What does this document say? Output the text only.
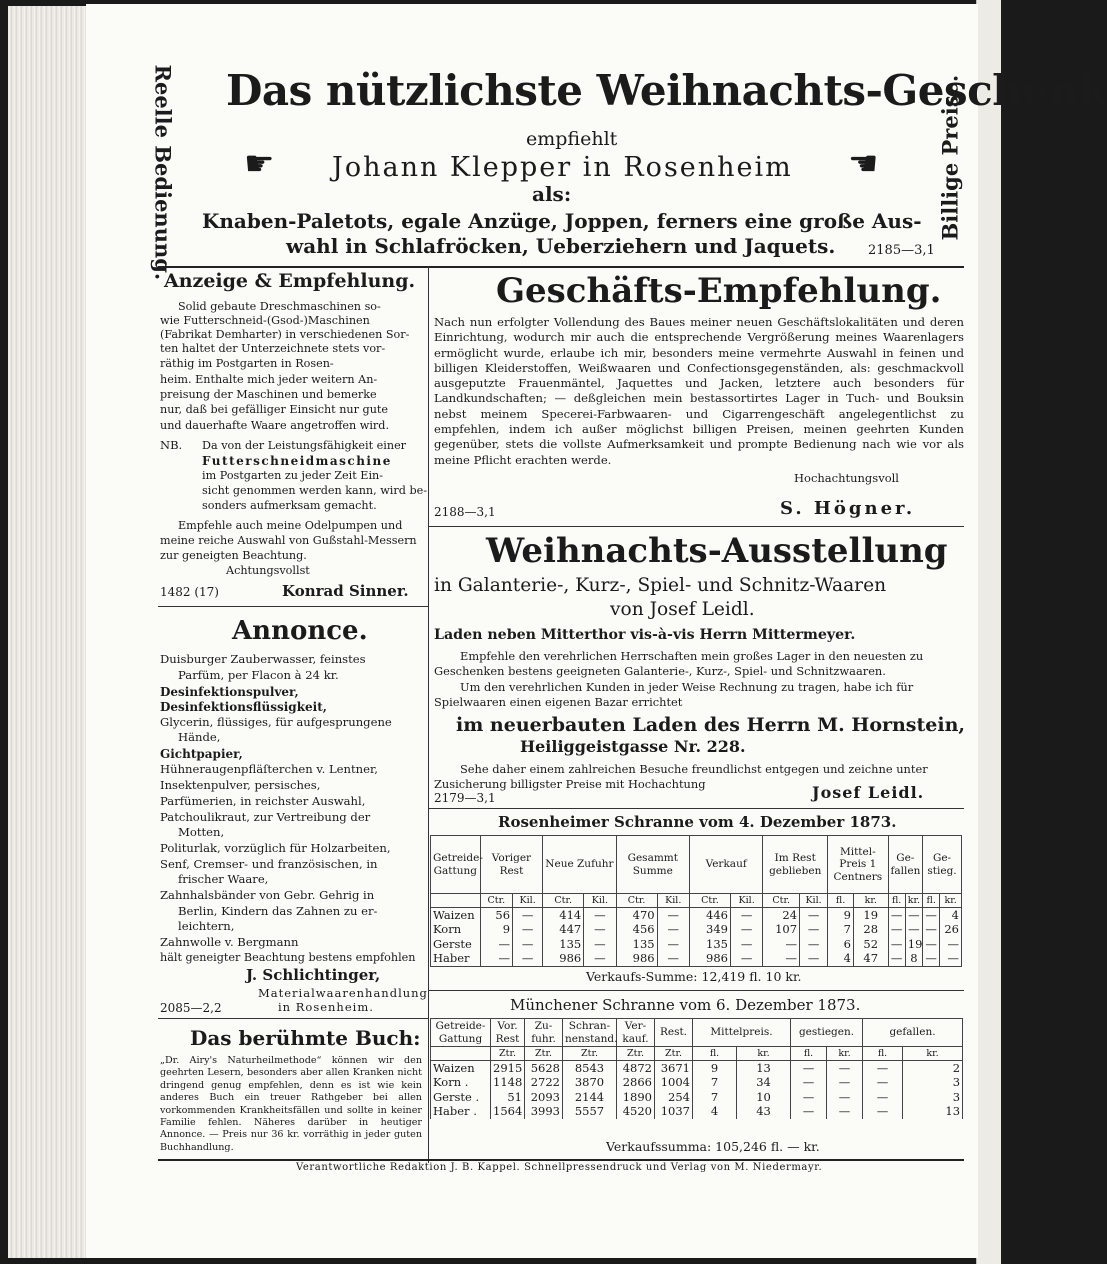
Das nützlichste Weihnachts-Geschenk
empfiehlt
☛ Johann Klepper in Rosenheim ☛
als:
Knaben-Paletots, egale Anzüge, Joppen, ferners eine große Aus-
wahl in Schlafröcken, Ueberziehern und Jaquets.	2185—3,1
Reelle Bedienung.	Billige Preise.
Anzeige & Empfehlung.
Solid gebaute Dreschmaschinen so-
wie Futterschneid-(Gsod-)Maschinen
(Fabrikat Demharter) in verschiedenen Sor-
ten haltet der Unterzeichnete stets vor-
räthig im Postgarten in Rosen-
heim. Enthalte mich jeder weitern An-
preisung der Maschinen und bemerke
nur, daß bei gefälliger Einsicht nur gute
und dauerhafte Waare angetroffen wird.
NB. Da von der Leistungsfähigkeit einer
Futterschneidmaschine
im Postgarten zu jeder Zeit Ein-
sicht genommen werden kann, wird be-
sonders aufmerksam gemacht.
Empfehle auch meine Odelpumpen und
meine reiche Auswahl von Gußstahl-Messern
zur geneigten Beachtung.
Achtungsvollst
1482 (17)	Konrad Sinner.
Annonce.
Duisburger Zauberwasser, feinstes
Parfüm, per Flacon à 24 kr.
Desinfektionspulver,
Desinfektionsflüssigkeit,
Glycerin, flüssiges, für aufgesprungene
Hände,
Gichtpapier,
Hühneraugenpfläſterchen v. Lentner,
Insektenpulver, persisches,
Parfümerien, in reichster Auswahl,
Patchoulikraut, zur Vertreibung der
Motten,
Politurlak, vorzüglich für Holzarbeiten,
Senf, Cremser- und französischen, in
frischer Waare,
Zahnhalsbänder von Gebr. Gehrig in
Berlin, Kindern das Zahnen zu er-
leichtern,
Zahnwolle v. Bergmann
hält geneigter Beachtung bestens empfohlen
J. Schlichtinger,
Materialwaarenhandlung
2085—2,2	in Rosenheim.
Das berühmte Buch:
„Dr. Airy's Naturheilmethode“ können wir den geehrten Lesern, besonders aber allen Kranken nicht dringend genug empfehlen, denn es ist wie kein anderes Buch ein treuer Rathgeber bei allen vorkommenden Krankheitsfällen und sollte in keiner Familie fehlen. Näheres darüber in heutiger Annonce. — Preis nur 36 kr. vorräthig in jeder guten Buchhandlung.
Geschäfts-Empfehlung.
Nach nun erfolgter Vollendung des Baues meiner neuen Geschäftslokalitäten und deren Einrichtung, wodurch mir auch die entsprechende Vergrößerung meines Waarenlagers ermöglicht wurde, erlaube ich mir, besonders meine vermehrte Auswahl in feinen und billigen Kleiderstoffen, Weißwaaren und Confectionsgegenständen, als: geschmackvoll ausgeputzte Frauenmäntel, Jaquettes und Jacken, letztere auch besonders für Landkundschaften; — deßgleichen mein bestassortirtes Lager in Tuch- und Bouksin nebst meinem Specerei-Farbwaaren- und Cigarrengeschäft angelegentlichst zu empfehlen, indem ich außer möglichst billigen Preisen, meinen geehrten Kunden gegenüber, stets die vollste Aufmerksamkeit und prompte Bedienung nach wie vor als meine Pflicht erachten werde.
Hochachtungsvoll
2188—3,1	S. Högner.
Weihnachts-Ausstellung
in Galanterie-, Kurz-, Spiel- und Schnitz-Waaren
von Josef Leidl.
Laden neben Mitterthor vis-à-vis Herrn Mittermeyer.
Empfehle den verehrlichen Herrschaften mein großes Lager in den neuesten zu Geschenken bestens geeigneten Galanterie-, Kurz-, Spiel- und Schnitzwaaren.
Um den verehrlichen Kunden in jeder Weise Rechnung zu tragen, habe ich für Spielwaaren einen eigenen Bazar errichtet
im neuerbauten Laden des Herrn M. Hornstein,
Heiliggeistgasse Nr. 228.
Sehe daher einem zahlreichen Besuche freundlichst entgegen und zeichne unter Zusicherung billigster Preise mit Hochachtung
2179—3,1	Josef Leidl.
Rosenheimer Schranne vom 4. Dezember 1873.
Getreide-Gattung	Voriger Rest		Neue Zufuhr		Gesammt Summe		Verkauf		Im Rest geblieben		Mittel-Preis 1 Centners		Ge-fallen		Ge-stieg.	
	Ctr.	Kil.	Ctr.	Kil.	Ctr.	Kil.	Ctr.	Kil.	Ctr.	Kil.	fl.	kr.	fl.	kr.	fl.	kr.
Waizen	56	—	414	—	470	—	446	—	24	—	9	19	—	—	—	4
Korn	9	—	447	—	456	—	349	—	107	—	7	28	—	—	—	26
Gerste	—	—	135	—	135	—	135	—	—	—	6	52	—	19	—	—
Haber	—	—	986	—	986	—	986	—	—	—	4	47	—	8	—	—
Verkaufs-Summe: 12,419 fl. 10 kr.
Münchener Schranne vom 6. Dezember 1873.
Getreide-Gattung	Vor. Rest	Zu-fuhr.	Schran-nenstand.	Ver-kauf.	Rest.	Mittelpreis.		gestiegen.		gefallen.	
	Ztr.	Ztr.	Ztr.	Ztr.	Ztr.	fl.	kr.	fl.	kr.	fl.	kr.
Waizen	2915	5628	8543	4872	3671	9	13	—	—	—	2
Korn .	1148	2722	3870	2866	1004	7	34	—	—	—	3
Gerste .	51	2093	2144	1890	254	7	10	—	—	—	3
Haber .	1564	3993	5557	4520	1037	4	43	—	—	—	13
Verkaufssumma: 105,246 fl. — kr.
Verantwortliche Redaktion J. B. Kappel. Schnellpressendruck und Verlag von M. Niedermayr.
